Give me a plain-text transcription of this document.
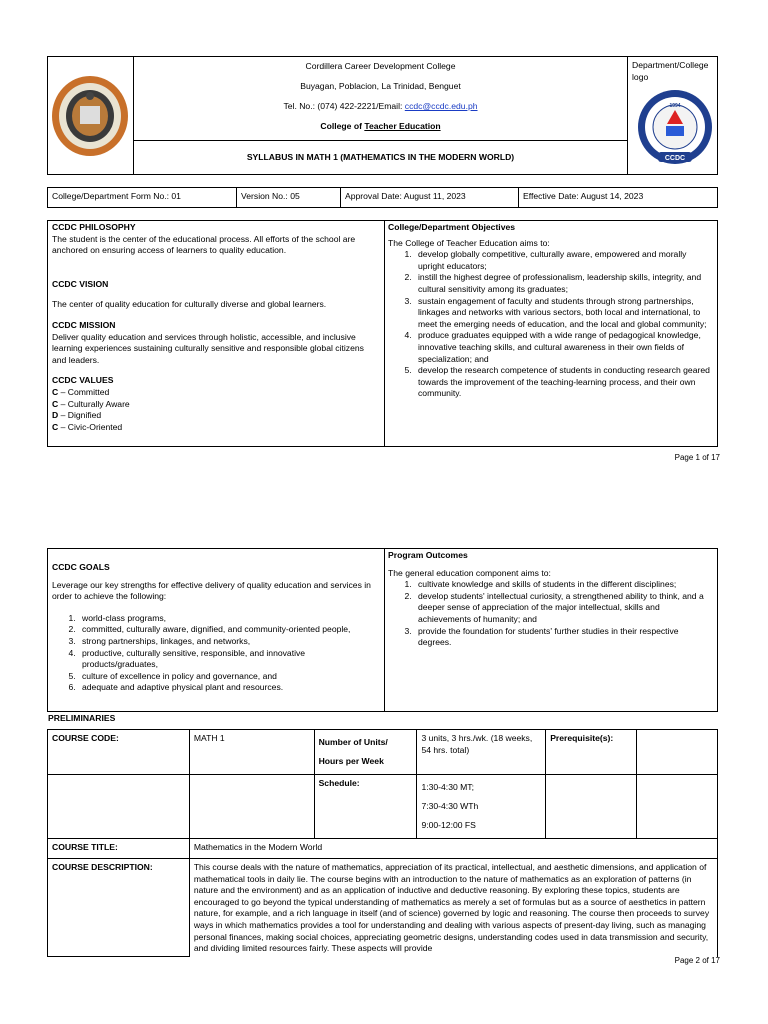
Cordillera Career Development College
Buyagan, Poblacion, La Trinidad, Benguet
Tel. No.: (074) 422-2221/Email: ccdc@ccdc.edu.ph
College of Teacher Education
SYLLABUS IN MATH 1 (MATHEMATICS IN THE MODERN WORLD)
Department/College logo
CCDC
1994
College/Department Form No.: 01	Version No.: 05	Approval Date: August 11, 2023	Effective Date: August 14, 2023
CCDC PHILOSOPHY
The student is the center of the educational process. All efforts of the school are anchored on ensuring access of learners to quality education.
CCDC VISION
The center of quality education for culturally diverse and global learners.
CCDC MISSION
Deliver quality education and services through holistic, accessible, and inclusive learning experiences sustaining culturally sensitive and responsible global citizens and leaders.
CCDC VALUES
C – Committed
C – Culturally Aware
D – Dignified
C – Civic-Oriented
College/Department Objectives
The College of Teacher Education aims to:
1. develop globally competitive, culturally aware, empowered and morally upright educators;
2. instill the highest degree of professionalism, leadership skills, integrity, and cultural sensitivity among its graduates;
3. sustain engagement of faculty and students through strong partnerships, linkages and networks with various sectors, both local and international, to meet the emerging needs of education, and the local and global community;
4. produce graduates equipped with a wide range of pedagogical knowledge, innovative teaching skills, and cultural awareness in their own fields of specialization; and
5. develop the research competence of students in conducting research geared towards the improvement of the teaching-learning process, and their own community.
Page 1 of 17
CCDC GOALS
Leverage our key strengths for effective delivery of quality education and services in order to achieve the following:
1. world-class programs,
2. committed, culturally aware, dignified, and community-oriented people,
3. strong partnerships, linkages, and networks,
4. productive, culturally sensitive, responsible, and innovative products/graduates,
5. culture of excellence in policy and governance, and
6. adequate and adaptive physical plant and resources.
Program Outcomes
The general education component aims to:
1. cultivate knowledge and skills of students in the different disciplines;
2. develop students' intellectual curiosity, a strengthened ability to think, and a deeper sense of appreciation of the major intellectual, skills and achievements of humanity; and
3. provide the foundation for students' further studies in their respective degrees.
PRELIMINARIES
COURSE CODE:	MATH 1	Number of Units/ Hours per Week	3 units, 3 hrs./wk. (18 weeks, 54 hrs. total)	Prerequisite(s):	
		Schedule:	1:30-4:30 MT;
7:30-4:30 WTh
9:00-12:00 FS		

COURSE TITLE:	Mathematics in the Modern World				
COURSE DESCRIPTION:	This course deals with the nature of mathematics, appreciation of its practical, intellectual, and aesthetic dimensions, and application of mathematical tools in daily lie. The course begins with an introduction to the nature of mathematics as an exploration of patterns (in nature and the environment) and as an application of inductive and deductive reasoning. By exploring these topics, students are encouraged to go beyond the typical understanding of mathematics as merely a set of formulas but as a source of aesthetics in pattern nature, for example, and a rich language in itself (and of science) governed by logic and reasoning. The course then proceeds to survey ways in which mathematics provides a tool for understanding and dealing with various aspects of present-day living, such as managing personal finances, making social choices, appreciating geometric designs, understanding codes used in data transmission and security, and dividing limited resources fairly. These aspects will provide				
Page 2 of 17
